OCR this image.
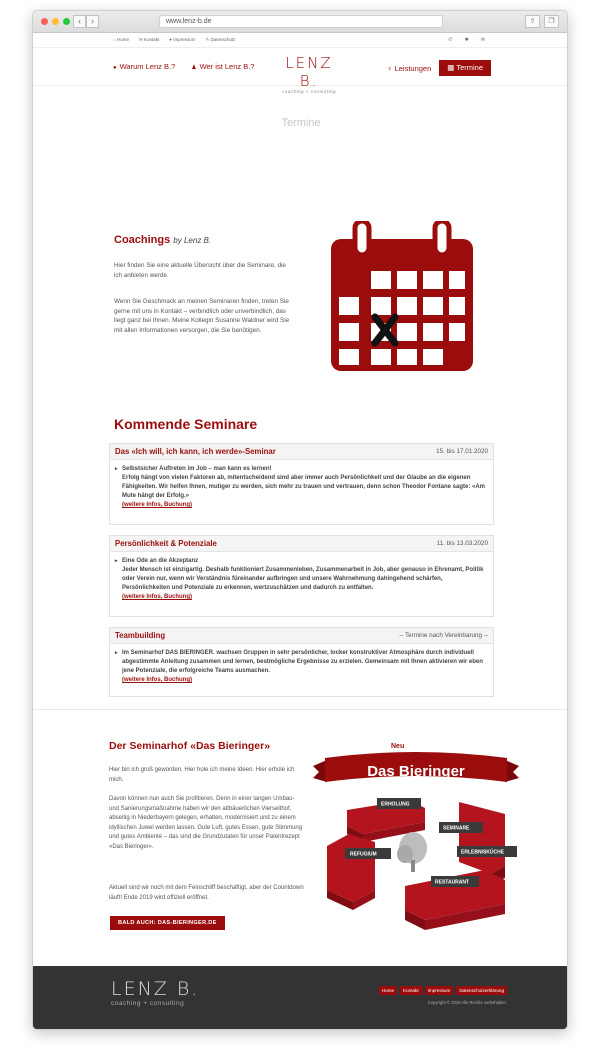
‹	›	www.lenz-b.de	⇪	❐
⌂ Home ✉ Kontakt ● Impressum ✎ Datenschutz	✆ ✱ ✉
● Warum Lenz B.?	♟ Wer ist Lenz B.?	LENZ B.
coaching + consulting
♀ Leistungen	▦ Termine
Termine
Coachings by Lenz B.

Hier finden Sie eine aktuelle Übersicht über die Seminare, die ich anbieten werde.

Wenn Sie Geschmack an meinen Seminaren finden, treten Sie gerne mit uns in Kontakt – verbindlich oder unverbindlich, das liegt ganz bei Ihnen. Meine Kollegin Susanne Waldner wird Sie mit allen Informationen versorgen, die Sie benötigen.

Kommende Seminare
Das «Ich will, ich kann, ich werde»-Seminar	15. bis 17.01.2020
▸ Selbstsicher Auftreten im Job – man kann es lernen!
Erfolg hängt von vielen Faktoren ab, mitentscheidend sind aber immer auch Persönlichkeit und der Glaube an die eigenen Fähigkeiten. Wir helfen Ihnen, mutiger zu werden, sich mehr zu trauen und vertrauen, denn schon Theodor Fontane sagte: «Am Mute hängt der Erfolg.»
(weitere Infos, Buchung)
Persönlichkeit & Potenziale	11. bis 13.03.2020
▸ Eine Ode an die Akzeptanz
Jeder Mensch ist einzigartig. Deshalb funktioniert Zusammenleben, Zusammenarbeit in Job, aber genauso in Ehrenamt, Politik oder Verein nur, wenn wir Verständnis füreinander aufbringen und unsere Wahrnehmung dahingehend schärfen, Persönlichkeiten und Potenziale zu erkennen, wertzuschätzen und dadurch zu entfalten.
(weitere Infos, Buchung)
Teambuilding	-- Termine nach Vereinbarung --
▸ Im Seminarhof DAS BIERINGER. wachsen Gruppen in sehr persönlicher, locker konstruktiver Atmosphäre durch individuell abgestimmte Anleitung zusammen und lernen, bestmögliche Ergebnisse zu erzielen. Gemeinsam mit Ihnen aktivieren wir eben jene Potenziale, die erfolgreiche Teams ausmachen.
(weitere Infos, Buchung)
Der Seminarhof «Das Bieringer»

Hier bin ich groß geworden. Hier hole ich meine Ideen. Hier erhole ich mich.

Davon können nun auch Sie profitieren. Denn in einer langen Umbau- und Sanierungsmaßnahme haben wir den altbäuerlichen Vierseithof, abseitig in Niederbayern gelegen, erhalten, modernisiert und zu einem idyllischen Juwel werden lassen. Gute Luft, gutes Essen, gute Stimmung und gutes Ambiente – das sind die Grundzutaten für unser Patentrezept «Das Bieringer».

Aktuell sind wir noch mit dem Feinschliff beschäftigt, aber der Countdown läuft! Ende 2019 wird offiziell eröffnet.

BALD AUCH: DAS-BIERINGER.DE
Neu
Das Bieringer
ERHOLUNG
SEMINARE
REFUGIUM	ERLEBNISKÜCHE
RESTAURANT
LENZ B.
coaching + consulting
Home	Kontakt	Impressum	Datenschutzerklärung
Copyright © 2018 Alle Rechte vorbehalten.
